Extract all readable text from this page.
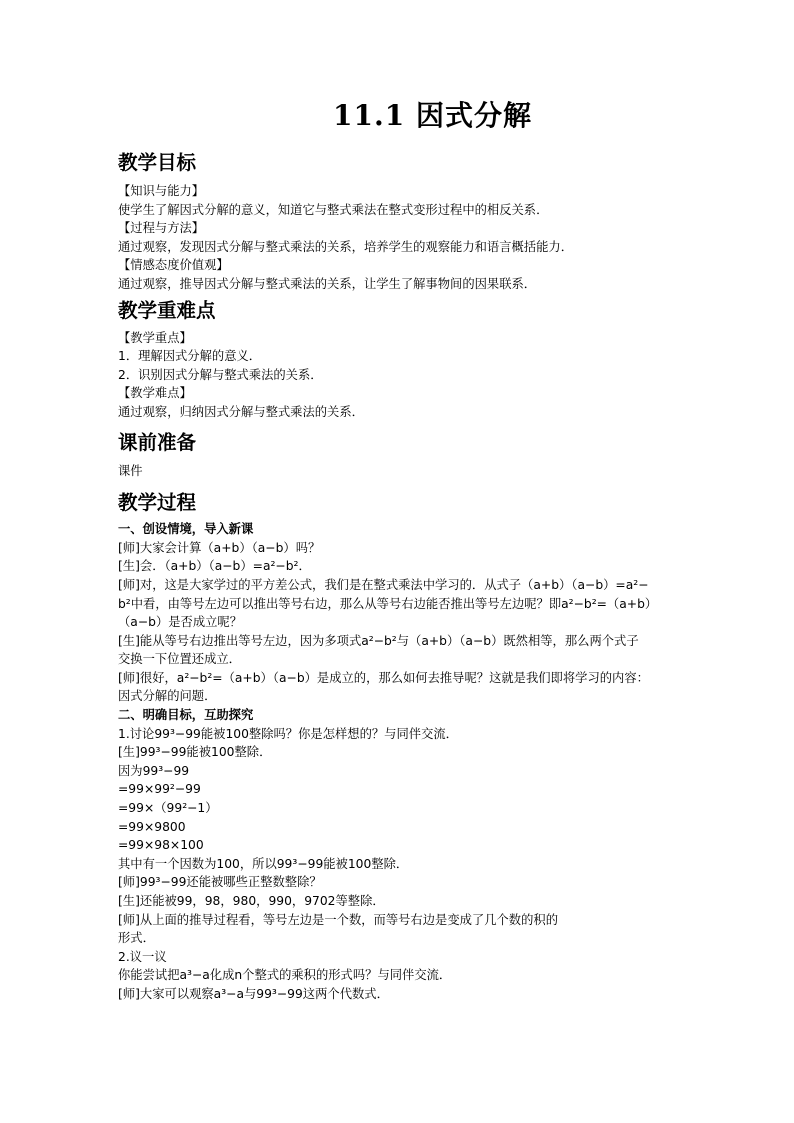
11.1 因式分解
教学目标

【知识与能力】

使学生了解因式分解的意义，知道它与整式乘法在整式变形过程中的相反关系．

【过程与方法】

通过观察，发现因式分解与整式乘法的关系，培养学生的观察能力和语言概括能力．

【情感态度价值观】

通过观察，推导因式分解与整式乘法的关系，让学生了解事物间的因果联系．

教学重难点

【教学重点】

1．理解因式分解的意义．

2．识别因式分解与整式乘法的关系．

【教学难点】

通过观察，归纳因式分解与整式乘法的关系．

课前准备

课件

教学过程

一、创设情境，导入新课

[师]大家会计算（a+b）（a−b）吗？

[生]会．（a+b）（a−b）=a²−b²．

[师]对，这是大家学过的平方差公式，我们是在整式乘法中学习的．从式子（a+b）（a−b）=a²−

b²中看，由等号左边可以推出等号右边，那么从等号右边能否推出等号左边呢？即a²−b²=（a+b）

（a−b）是否成立呢？

[生]能从等号右边推出等号左边，因为多项式a²−b²与（a+b）（a−b）既然相等，那么两个式子

交换一下位置还成立．

[师]很好，a²−b²=（a+b）（a−b）是成立的，那么如何去推导呢？这就是我们即将学习的内容：

因式分解的问题．

二、明确目标，互助探究

1.讨论99³−99能被100整除吗？你是怎样想的？与同伴交流．

[生]99³−99能被100整除．

因为99³−99

=99×99²−99

=99×（99²−1）

=99×9800

=99×98×100

其中有一个因数为100，所以99³−99能被100整除．

[师]99³−99还能被哪些正整数整除？

[生]还能被99，98，980，990，9702等整除．

[师]从上面的推导过程看，等号左边是一个数，而等号右边是变成了几个数的积的

形式．

2.议一议

你能尝试把a³−a化成n个整式的乘积的形式吗？与同伴交流．

[师]大家可以观察a³−a与99³−99这两个代数式．
